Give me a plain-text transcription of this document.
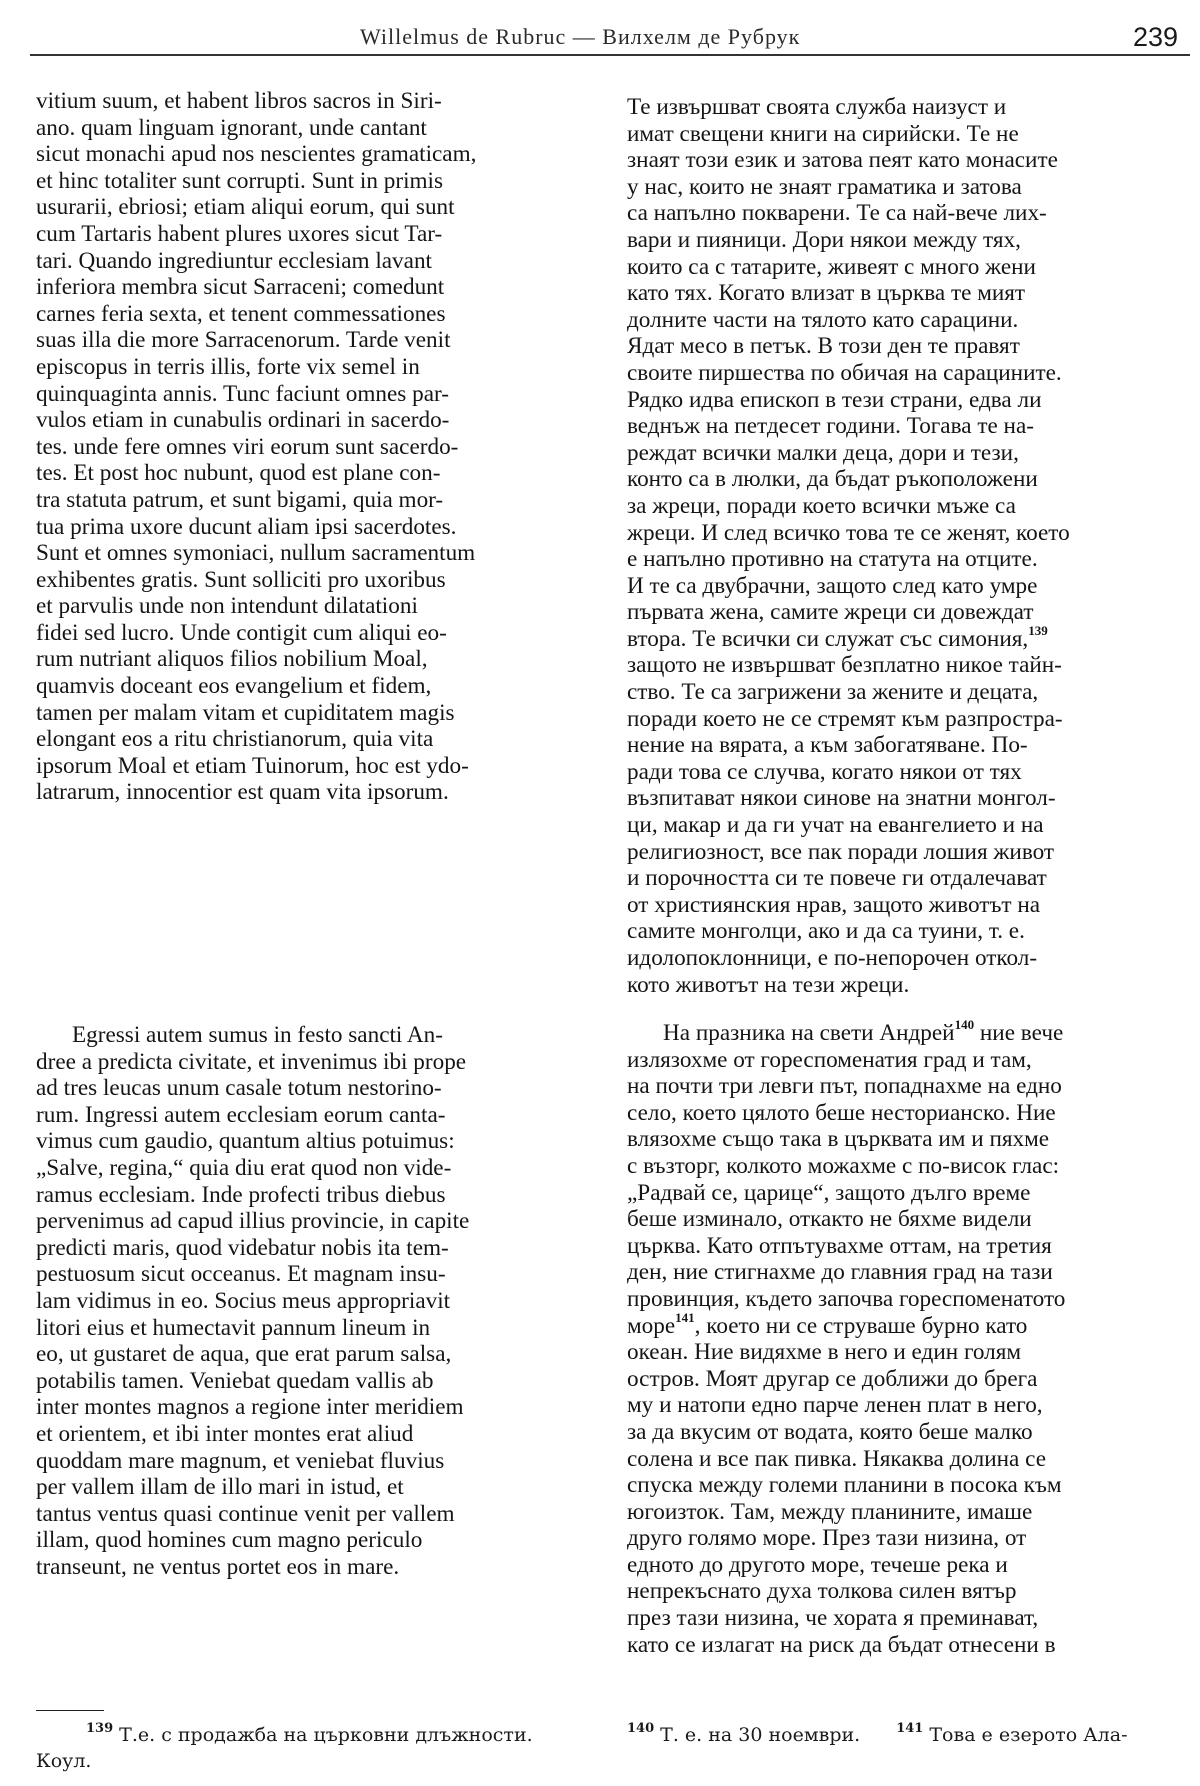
Willelmus de Rubruc — Вилхелм де Рубрук	239

vitium suum, et habent libros sacros in Siri-
ano. quam linguam ignorant, unde cantant
sicut monachi apud nos nescientes gramaticam,
et hinc totaliter sunt corrupti. Sunt in primis
usurarii, ebriosi; etiam aliqui eorum, qui sunt
cum Tartaris habent plures uxores sicut Tar-
tari. Quando ingrediuntur ecclesiam lavant
inferiora membra sicut Sarraceni; comedunt
carnes feria sexta, et tenent commessationes
suas illa die more Sarracenorum. Tarde venit
episcopus in terris illis, forte vix semel in
quinquaginta annis. Tunc faciunt omnes par-
vulos etiam in cunabulis ordinari in sacerdo-
tes. unde fere omnes viri eorum sunt sacerdo-
tes. Et post hoc nubunt, quod est plane con-
tra statuta patrum, et sunt bigami, quia mor-
tua prima uxore ducunt aliam ipsi sacerdotes.
Sunt et omnes symoniaci, nullum sacramentum
exhibentes gratis. Sunt solliciti pro uxoribus
et parvulis unde non intendunt dilatationi
fidei sed lucro. Unde contigit cum aliqui eo-
rum nutriant aliquos filios nobilium Moal,
quamvis doceant eos evangelium et fidem,
tamen per malam vitam et cupiditatem magis
elongant eos a ritu christianorum, quia vita
ipsorum Moal et etiam Tuinorum, hoc est ydo-
latrarum, innocentior est quam vita ipsorum.

Egressi autem sumus in festo sancti An-
dree a predicta civitate, et invenimus ibi prope
ad tres leucas unum casale totum nestorino-
rum. Ingressi autem ecclesiam eorum canta-
vimus cum gaudio, quantum altius potuimus:
„Salve, regina,“ quia diu erat quod non vide-
ramus ecclesiam. Inde profecti tribus diebus
pervenimus ad capud illius provincie, in capite
predicti maris, quod videbatur nobis ita tem-
pestuosum sicut occeanus. Et magnam insu-
lam vidimus in eo. Socius meus appropriavit
litori eius et humectavit pannum lineum in
eo, ut gustaret de aqua, que erat parum salsa,
potabilis tamen. Veniebat quedam vallis ab
inter montes magnos a regione inter meridiem
et orientem, et ibi inter montes erat aliud
quoddam mare magnum, et veniebat fluvius
per vallem illam de illo mari in istud, et
tantus ventus quasi continue venit per vallem
illam, quod homines cum magno periculo
transeunt, ne ventus portet eos in mare.

Те извършват своята служба наизуст и
имат свещени книги на сирийски. Те не
знаят този език и затова пеят като монасите
у нас, които не знаят граматика и затова
са напълно покварени. Те са най-вече лих-
вари и пияници. Дори някои между тях,
които са с татарите, живеят с много жени
като тях. Когато влизат в църква те мият
долните части на тялото като сарацини.
Ядат месо в петък. В този ден те правят
своите пиршества по обичая на сарацините.
Рядко идва епископ в тези страни, едва ли
веднъж на петдесет години. Тогава те на-
реждат всички малки деца, дори и тези,
конто са в люлки, да бъдат ръкоположени
за жреци, поради което всички мъже са
жреци. И след всичко това те се женят, което
е напълно противно на статута на отците.
И те са двубрачни, защото след като умре
първата жена, самите жреци си довеждат
втора. Те всички си служат със симония,$^{139}$
защото не извършват безплатно никое тайн-
ство. Те са загрижени за жените и децата,
поради което не се стремят към разпростра-
нение на вярата, а към забогатяване. По-
ради това се случва, когато някои от тях
възпитават някои синове на знатни монгол-
ци, макар и да ги учат на евангелието и на
религиозност, все пак поради лошия живот
и порочността си те повече ги отдалечават
от християнския нрав, защото животът на
самите монголци, ако и да са туини, т. е.
идолопоклонници, е по-непорочен откол-
кото животът на тези жреци.

На празника на свети Андрей$^{140}$ ние вече
излязохме от гореспоменатия град и там,
на почти три левги път, попаднахме на едно
село, което цялото беше несторианско. Ние
влязохме също така в църквата им и пяхме
с възторг, колкото можахме с по-висок глас:
„Радвай се, царице“, защото дълго време
беше изминало, откакто не бяхме видели
църква. Като отпътувахме оттам, на третия
ден, ние стигнахме до главния град на тази
провинция, където започва гореспоменатото
море$^{141}$, което ни се струваше бурно като
океан. Ние видяхме в него и един голям
остров. Моят другар се доближи до брега
му и натопи едно парче ленен плат в него,
за да вкусим от водата, която беше малко
солена и все пак пивка. Някаква долина се
спуска между големи планини в посока към
югоизток. Там, между планините, имаше
друго голямо море. През тази низина, от
едното до другото море, течеше река и
непрекъснато духа толкова силен вятър
през тази низина, че хората я преминават,
като се излагат на риск да бъдат отнесени в

$^{139}$ Т.е. с продажба на църковни длъжности.
Коул.
$^{140}$ Т. е. на 30 ноември.	$^{141}$ Това е езерото Ала-
